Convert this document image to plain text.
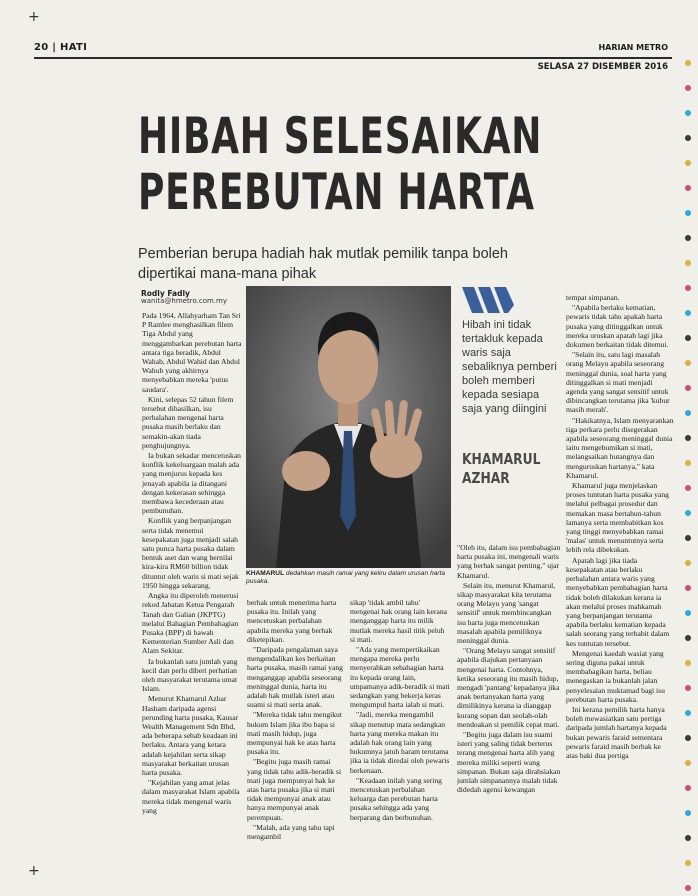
+
+
20 | HATI	HARIAN METRO
SELASA 27 DISEMBER 2016
HIBAH SELESAIKAN
PEREBUTAN HARTA
Pemberian berupa hadiah hak mutlak pemilik tanpa boleh dipertikai mana-mana pihak
Rodly Fadly
wanita@hmetro.com.my
KHAMARUL dedahkan masih ramai yang keliru dalam urusan harta pusaka.
Hibah ini tidak tertakluk kepada waris saja sebaliknya pemberi boleh memberi kepada sesiapa saja yang diingini
KHAMARUL AZHAR

Pada 1964, Allahyarham Tan Sri P Ramlee menghasilkan filem Tiga Abdul yang menggambarkan perebutan harta antara tiga beradik, Abdul Wahab, Abdul Wahid dan Abdul Wahub yang akhirnya menyebabkan mereka 'putus saudara'.

Kini, selepas 52 tahun filem tersebut dihasilkan, isu perbalahan mengenai harta pusaka masih berlaku dan semakin-akan tiada penghujungnya.

Ia bukan sekadar mencetuskan konflik kekeluargaan malah ada yang menjurus kepada kes jenayah apabila ia ditangani dengan kekerasan sehingga membawa kecederaan atau pembunuhan.

Konflik yang berpanjangan serta tidak menemui kesepakatan juga menjadi salah satu punca harta pusaka dalam bentuk aset dan wang bernilai kira-kira RM60 billion tidak dituntut oleh waris si mati sejak 1950 hingga sekarang.

Angka itu diperoleh menerusi rekod Jabatan Ketua Pengarah Tanah dan Galian (JKPTG) melalui Bahagian Pembahagian Pusaka (BPP) di bawah Kementerian Sumber Asli dan Alam Sekitar.

Ia bukanlah satu jumlah yang kecil dan perlu diberi perhatian oleh masyarakat terutama umat Islam.

Menurut Khamarul Azhar Hasham daripada agensi perunding harta pusaka, Kausar Wealth Management Sdn Bhd, ada beberapa sebab keadaan ini berlaku. Antara yang ketara adalah kejahilan serta sikap masyarakat berkaitan urusan harta pusaka.

"Kejahilan yang amat jelas dalam masyarakat Islam apabila mereka tidak mengenal waris yang

berhak untuk menerima harta pusaka itu. Inilah yang mencetuskan perbalahan apabila mereka yang berhak diketepikan.

"Daripada pengalaman saya mengendalikan kes berkaitan harta pusaka, masih ramai yang menganggap apabila seseorang meninggal dunia, harta itu adalah hak mutlak isteri atau suami si mati serta anak.

"Mereka tidak tahu mengikut hukum Islam jika ibu bapa si mati masih hidup, juga mempunyai hak ke atas harta pusaka itu.

"Begitu juga masih ramai yang tidak tahu adik-beradik si mati juga mempunyai hak ke atas harta pusaka jika si mati tidak mempunyai anak atau hanya mempunyai anak perempuan.

"Malah, ada yang tahu tapi mengambil

sikap 'tidak ambil tahu' mengenai hak orang lain kerana menganggap harta itu milik mutlak mereka hasil titik peluh si mati.

"Ada yang mempertikaikan mengapa mereka perlu menyerahkan sebahagian harta itu kepada orang lain, umpamanya adik-beradik si mati sedangkan yang bekerja keras mengumpul harta ialah si mati.

"Jadi, mereka mengambil sikap menutup mata sedangkan harta yang mereka makan itu adalah hak orang lain yang hukumnya jatuh haram terutama jika ia tidak diredai oleh pewaris berkenaan.

"Keadaan inilah yang sering mencetuskan perbalahan keluarga dan perebutan harta pusaka sehingga ada yang berparang dan berbunuhan.

"Oleh itu, dalam isu pembahagian harta pusaka ini, mengenali waris yang berhak sangat penting," ujar Khamarul.

Selain itu, menurut Khamarul, sikap masyarakat kita terutama orang Melayu yang 'sangat sensitif' untuk membincangkan isu harta juga mencetuskan masalah apabila pemiliknya meninggal dunia.

"Orang Melayu sangat sensitif apabila diajukan pertanyaan mengenai harta. Contohnya, ketika seseorang itu masih hidup, mengadi 'pantang' kepadanya jika anak bertanyakan harta yang dimilikinya kerana ia dianggap kurang sopan dan seolah-olah mendoakan si pemilik cepat mati.

"Begitu juga dalam isu suami isteri yang saling tidak berterus terang mengenai harta alih yang mereka miliki seperti wang simpanan. Bukan saja dirahsiakan jumlah simpanannya malah tidak didedah agensi kewangan

tempat simpanan.

"Apabila berlaku kematian, pewaris tidak tahu apakah harta pusaka yang ditinggalkan untuk mereka uruskan apatah lagi jika dokumen berkaitan tidak ditemui.

"Selain itu, satu lagi masalah orang Melayu apabila seseorang meninggal dunia, soal harta yang ditinggalkan si mati menjadi agenda yang sangat sensitif untuk dibincangkan terutama jika 'kubur masih merah'.

"Hakikatnya, Islam menyarankan tiga perkara perlu disegerakan apabila seseorang meninggal dunia iaitu mengebumikan si mati, melangsaikan hutangnya dan menguruskan hartanya," kata Khamarul.

Khamarul juga menjelaskan proses tuntutan harta pusaka yang melalui pelbagai prosedur dan memakan masa bertahun-tahun lamanya serta membabitkan kos yang tinggi menyebabkan ramai 'malas' untuk menuntutnya serta lebih rela dibekukan.

Apatah lagi jika tiada kesepakatan atau berlaku perbalahan antara waris yang menyebabkan pembahagian harta tidak boleh dilakukan kerana ia akan melalui proses mahkamah yang berpanjangan terutama apabila berlaku kematian kepada salah seorang yang terbabit dalam kes tuntutan tersebut.

Mengenai kaedah wasiat yang sering diguna pakai untuk membahagikan harta, beliau menegaskan ia bukanlah jalan penyelesaian muktamad bagi isu perebutan harta pusaka.

Ini kerana pemilik harta hanya boleh mewasiatkan satu pertiga daripada jumlah hartanya kepada bukan pewaris faraid sementara pewaris faraid masih berhak ke atas baki dua pertiga
